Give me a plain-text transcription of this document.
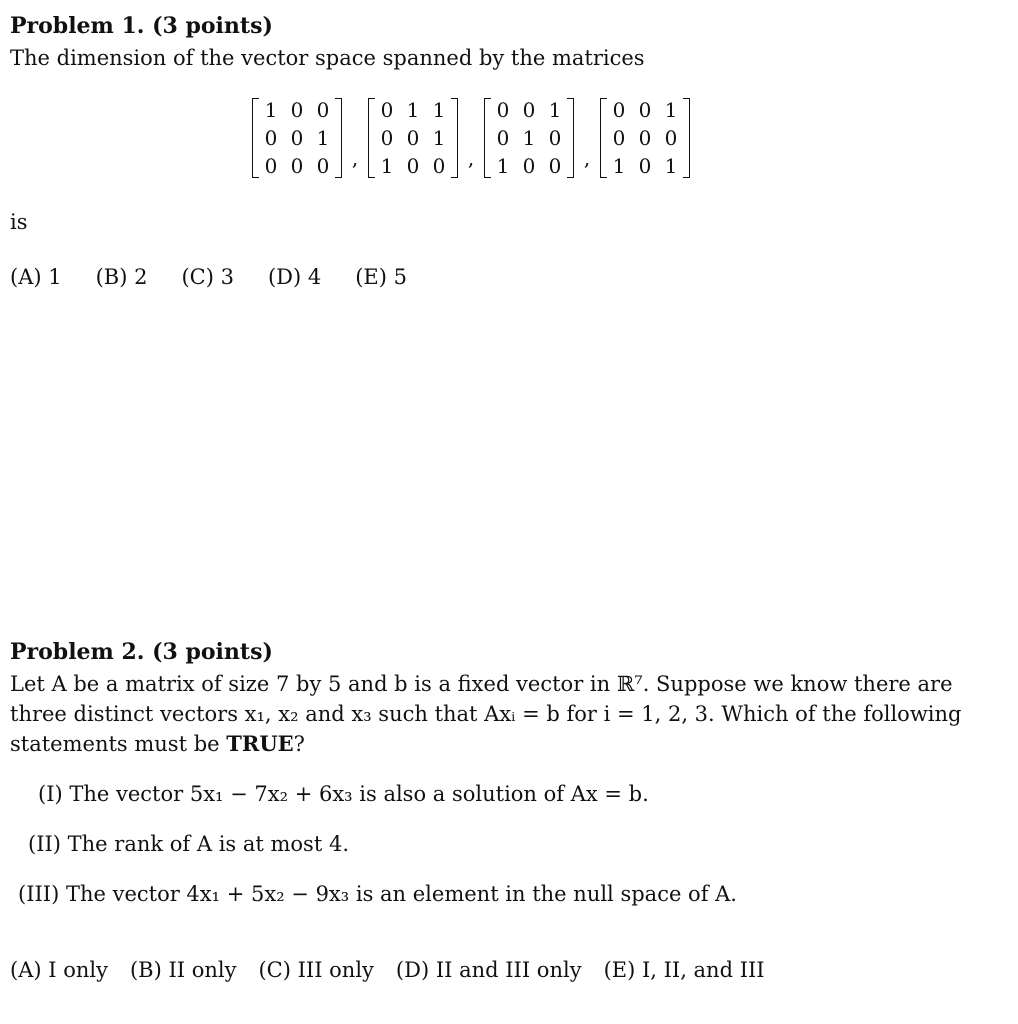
Problem 1. (3 points)
The dimension of the vector space spanned by the matrices
1 0 0
0 0 1
0 0 0	,
0 1 1
0 0 1
1 0 0	,
0 0 1
0 1 0
1 0 0	,
0 0 1
0 0 0
1 0 1
is
(A) 1 (B) 2 (C) 3 (D) 4 (E) 5
Problem 2. (3 points)
Let A be a matrix of size 7 by 5 and b is a fixed vector in ℝ⁷. Suppose we know there are
three distinct vectors x₁, x₂ and x₃ such that Axᵢ = b for i = 1, 2, 3. Which of the following
statements must be TRUE?
(I) The vector 5x₁ − 7x₂ + 6x₃ is also a solution of Ax = b.
(II) The rank of A is at most 4.
(III) The vector 4x₁ + 5x₂ − 9x₃ is an element in the null space of A.
(A) I only (B) II only (C) III only (D) II and III only (E) I, II, and III
